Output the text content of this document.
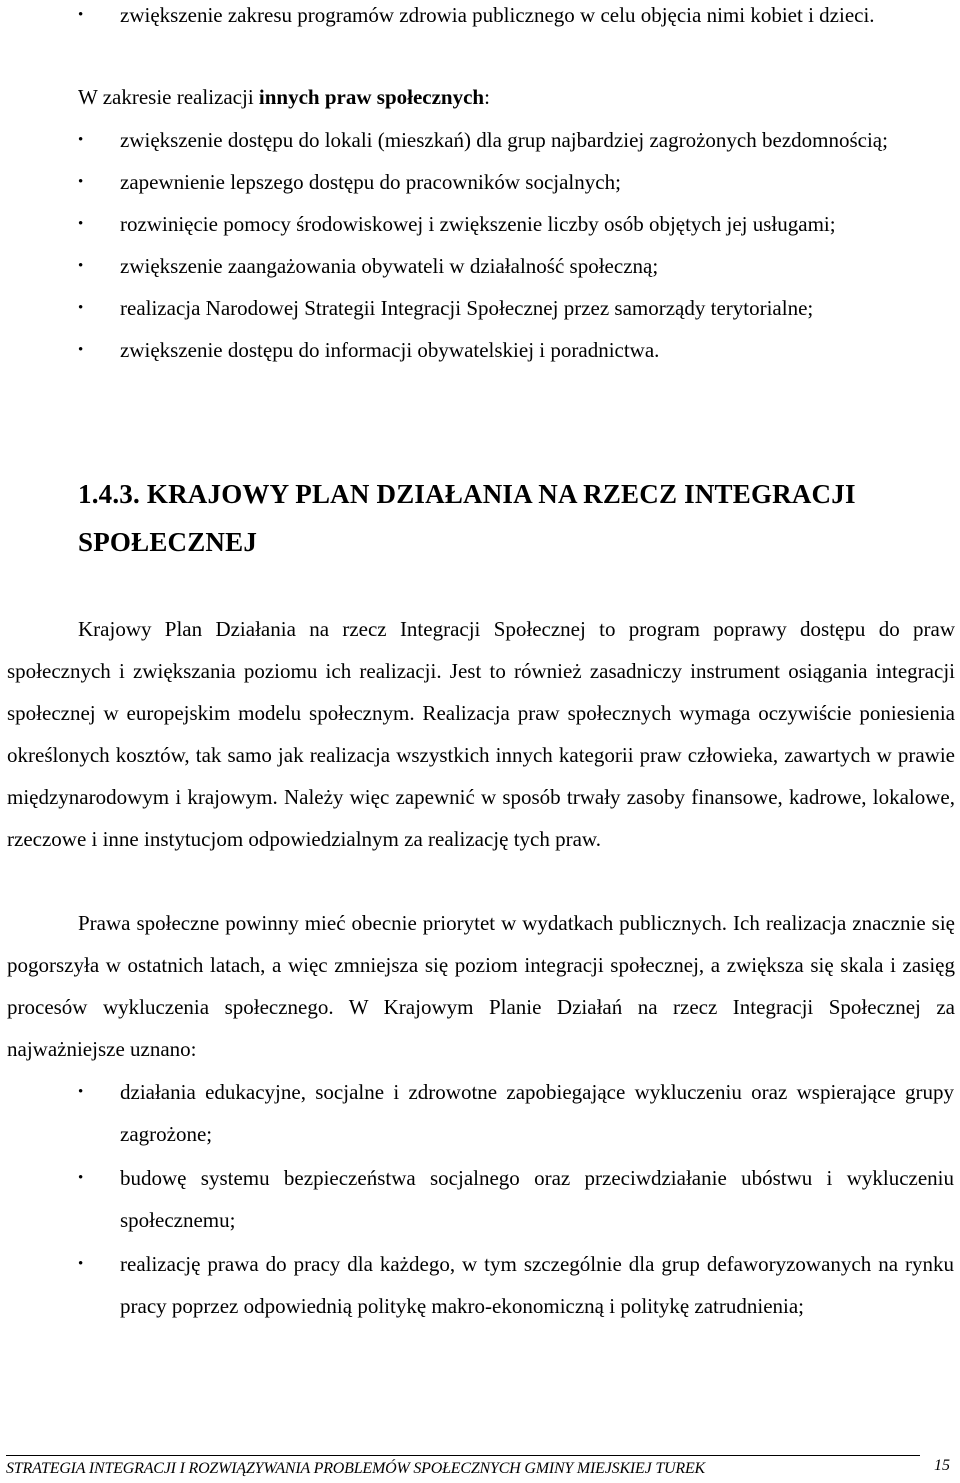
• zwiększenie zakresu programów zdrowia publicznego w celu objęcia nimi kobiet i dzieci.
W zakresie realizacji innych praw społecznych:
• zwiększenie dostępu do lokali (mieszkań) dla grup najbardziej zagrożonych bezdomnością;
• zapewnienie lepszego dostępu do pracowników socjalnych;
• rozwinięcie pomocy środowiskowej i zwiększenie liczby osób objętych jej usługami;
• zwiększenie zaangażowania obywateli w działalność społeczną;
• realizacja Narodowej Strategii Integracji Społecznej przez samorządy terytorialne;
• zwiększenie dostępu do informacji obywatelskiej i poradnictwa.
1.4.3. KRAJOWY PLAN DZIAŁANIA NA RZECZ INTEGRACJI SPOŁECZNEJ

Krajowy Plan Działania na rzecz Integracji Społecznej to program poprawy dostępu do praw społecznych i zwiększania poziomu ich realizacji. Jest to również zasadniczy instrument osiągania integracji społecznej w europejskim modelu społecznym. Realizacja praw społecznych wymaga oczywiście poniesienia określonych kosztów, tak samo jak realizacja wszystkich innych kategorii praw człowieka, zawartych w prawie międzynarodowym i krajowym. Należy więc zapewnić w sposób trwały zasoby finansowe, kadrowe, lokalowe, rzeczowe i inne instytucjom odpowiedzialnym za realizację tych praw.

Prawa społeczne powinny mieć obecnie priorytet w wydatkach publicznych. Ich realizacja znacznie się pogorszyła w ostatnich latach, a więc zmniejsza się poziom integracji społecznej, a zwiększa się skala i zasięg procesów wykluczenia społecznego. W Krajowym Planie Działań na rzecz Integracji Społecznej za najważniejsze uznano:

• działania edukacyjne, socjalne i zdrowotne zapobiegające wykluczeniu oraz wspierające grupy zagrożone;
• budowę systemu bezpieczeństwa socjalnego oraz przeciwdziałanie ubóstwu i wykluczeniu społecznemu;
• realizację prawa do pracy dla każdego, w tym szczególnie dla grup defaworyzowanych na rynku pracy poprzez odpowiednią politykę makro-ekonomiczną i politykę zatrudnienia;
STRATEGIA INTEGRACJI I ROZWIĄZYWANIA PROBLEMÓW SPOŁECZNYCH GMINY MIEJSKIEJ TUREK	15
